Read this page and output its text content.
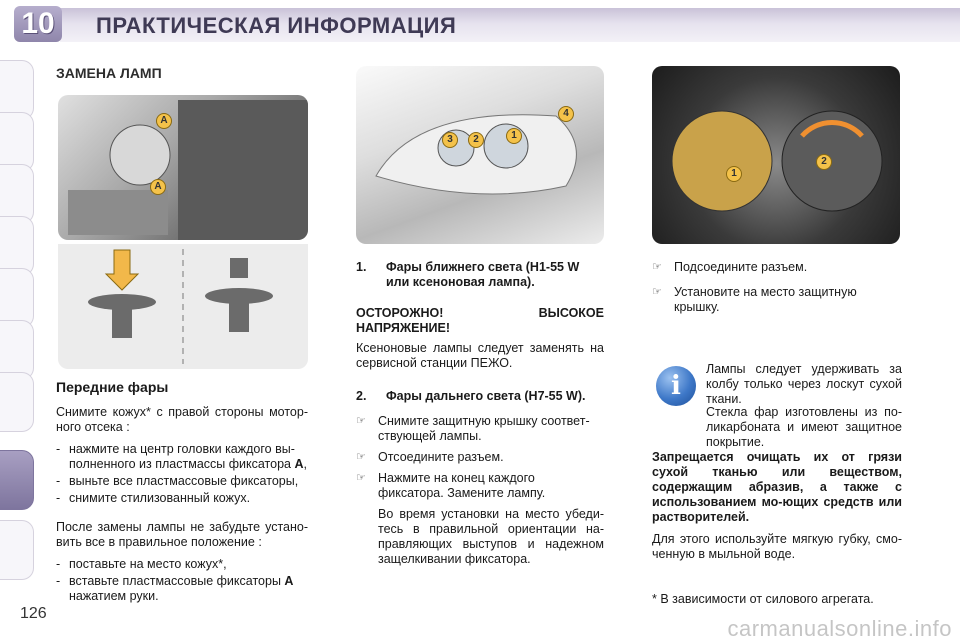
10	ПРАКТИЧЕСКАЯ ИНФОРМАЦИЯ
ЗАМЕНА ЛАМП
A
A
3	2	1
4
1
2
Передние фары

Снимите кожух* с правой стороны мотор-ного отсека :

- нажмите на центр головки каждого вы-полненного из пластмассы фиксатора A,
- выньте все пластмассовые фиксаторы,
- снимите стилизованный кожух.

После замены лампы не забудьте устано-вить все в правильное положение :

- поставьте на место кожух*,
- вставьте пластмассовые фиксаторы A нажатием руки.
1. Фары ближнего света (H1-55 W или ксеноновая лампа).

ОСТОРОЖНО! ВЫСОКОЕ НАПРЯЖЕНИЕ!

Ксеноновые лампы следует заменять на сервисной станции ПЕЖО.

2. Фары дальнего света (H7-55 W).
☞ Снимите защитную крышку соответ-ствующей лампы.
☞ Отсоедините разъем.
☞ Нажмите на конец каждого фиксатора. Замените лампу.
Во время установки на место убеди-тесь в правильной ориентации на-правляющих выступов и надежном защелкивании фиксатора.
☞ Подсоедините разъем.
☞ Установите на место защитную крышку.
i

Лампы следует удерживать за колбу только через лоскут сухой ткани.

Стекла фар изготовлены из по-ликарбоната и имеют защитное покрытие.

Запрещается очищать их от грязи сухой тканью или веществом, содержащим абразив, а также с использованием мо-ющих средств или растворителей.

Для этого используйте мягкую губку, смо-ченную в мыльной воде.

* В зависимости от силового агрегата.
126
carmanualsonline.info
